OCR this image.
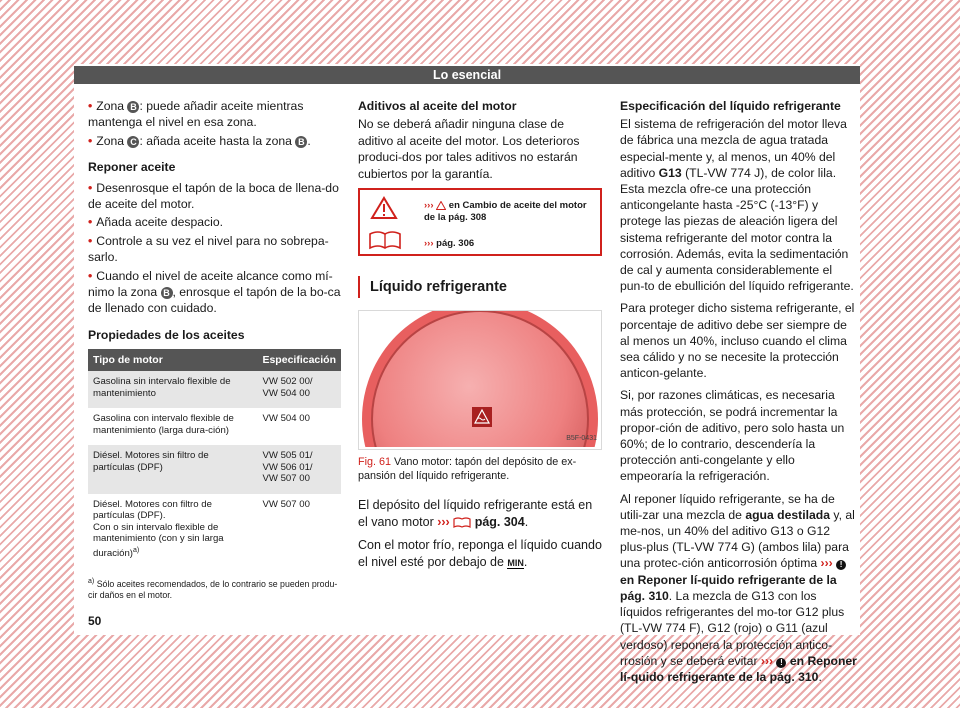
Lo esencial

• Zona B : puede añadir aceite mientras mantenga el nivel en esa zona.

• Zona C : añada aceite hasta la zona B .

Reponer aceite

• Desenrosque el tapón de la boca de llena-do de aceite del motor.

• Añada aceite despacio.

• Controle a su vez el nivel para no sobrepa-sarlo.

• Cuando el nivel de aceite alcance como mí-nimo la zona B , enrosque el tapón de la bo-ca de llenado con cuidado.

Propiedades de los aceites

Tipo de motor	Especificación
Gasolina sin intervalo flexible de mantenimiento	VW 502 00/
VW 504 00
Gasolina con intervalo flexible de mantenimiento (larga dura-ción)	VW 504 00
Diésel. Motores sin filtro de partículas (DPF)	VW 505 01/
VW 506 01/
VW 507 00
Diésel. Motores con filtro de partículas (DPF).
Con o sin intervalo flexible de mantenimiento (con y sin larga duración)$^{a)}$	VW 507 00
$^{a)}$ Sólo aceites recomendados, de lo contrario se pueden produ-cir daños en el motor.
50

Aditivos al aceite del motor

No se deberá añadir ninguna clase de aditivo al aceite del motor. Los deterioros produci-dos por tales aditivos no estarán cubiertos por la garantía.

››› en Cambio de aceite del motor de la pág. 308
››› pág. 306
Líquido refrigerante
B5F-0431

Fig. 61 Vano motor: tapón del depósito de ex-pansión del líquido refrigerante.

El depósito del líquido refrigerante está en el vano motor ››› pág. 304.

Con el motor frío, reponga el líquido cuando el nivel esté por debajo de MIN.

Especificación del líquido refrigerante

El sistema de refrigeración del motor lleva de fábrica una mezcla de agua tratada especial-mente y, al menos, un 40% del aditivo G13 (TL-VW 774 J), de color lila. Esta mezcla ofre-ce una protección anticongelante hasta -25°C (-13°F) y protege las piezas de aleación ligera del sistema refrigerante del motor contra la corrosión. Además, evita la sedimentación de cal y aumenta considerablemente el pun-to de ebullición del líquido refrigerante.

Para proteger dicho sistema refrigerante, el porcentaje de aditivo debe ser siempre de al menos un 40%, incluso cuando el clima sea cálido y no se necesite la protección anticon-gelante.

Si, por razones climáticas, es necesaria más protección, se podrá incrementar la propor-ción de aditivo, pero solo hasta un 60%; de lo contrario, descendería la protección anti-congelante y ello empeoraría la refrigeración.

Al reponer líquido refrigerante, se ha de utili-zar una mezcla de agua destilada y, al me-nos, un 40% del aditivo G13 o G12 plus-plus (TL-VW 774 G) (ambos lila) para una protec-ción anticorrosión óptima ››› ! en Reponer lí-quido refrigerante de la pág. 310. La mezcla de G13 con los líquidos refrigerantes del mo-tor G12 plus (TL-VW 774 F), G12 (rojo) o G11 (azul verdoso) reponera la protección antico-rrosión y se deberá evitar ››› ! en Reponer lí-quido refrigerante de la pág. 310.
